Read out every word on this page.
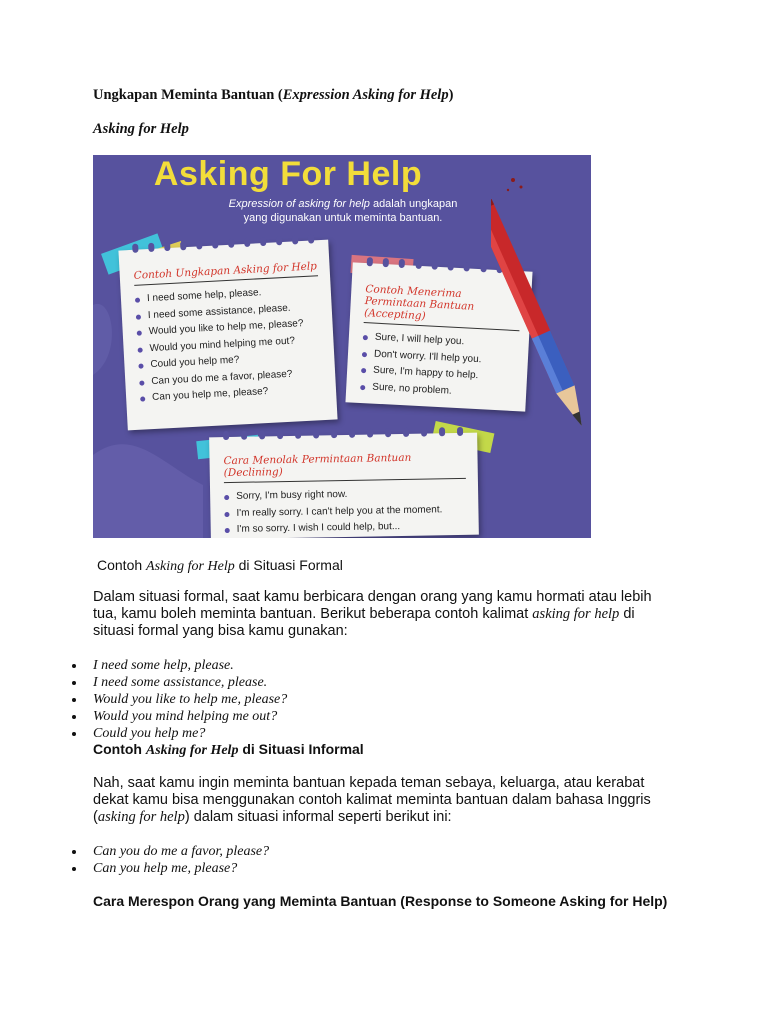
Ungkapan Meminta Bantuan (Expression Asking for Help)
Asking for Help
Asking For Help
Expression of asking for help adalah ungkapan
yang digunakan untuk meminta bantuan.
Contoh Ungkapan Asking for Help
I need some help, please.
I need some assistance, please.
Would you like to help me, please?
Would you mind helping me out?
Could you help me?
Can you do me a favor, please?
Can you help me, please?
Contoh Menerima Permintaan Bantuan (Accepting)
Sure, I will help you.
Don't worry. I'll help you.
Sure, I'm happy to help.
Sure, no problem.
Cara Menolak Permintaan Bantuan (Declining)
Sorry, I'm busy right now.
I'm really sorry. I can't help you at the moment.
I'm so sorry. I wish I could help, but...
Contoh Asking for Help di Situasi Formal

Dalam situasi formal, saat kamu berbicara dengan orang yang kamu hormati atau lebih tua, kamu boleh meminta bantuan. Berikut beberapa contoh kalimat asking for help di situasi formal yang bisa kamu gunakan:

I need some help, please.
I need some assistance, please.
Would you like to help me, please?
Would you mind helping me out?
Could you help me?
Contoh Asking for Help di Situasi Informal

Nah, saat kamu ingin meminta bantuan kepada teman sebaya, keluarga, atau kerabat dekat kamu bisa menggunakan contoh kalimat meminta bantuan dalam bahasa Inggris (asking for help) dalam situasi informal seperti berikut ini:

Can you do me a favor, please?
Can you help me, please?
Cara Merespon Orang yang Meminta Bantuan (Response to Someone Asking for Help)
